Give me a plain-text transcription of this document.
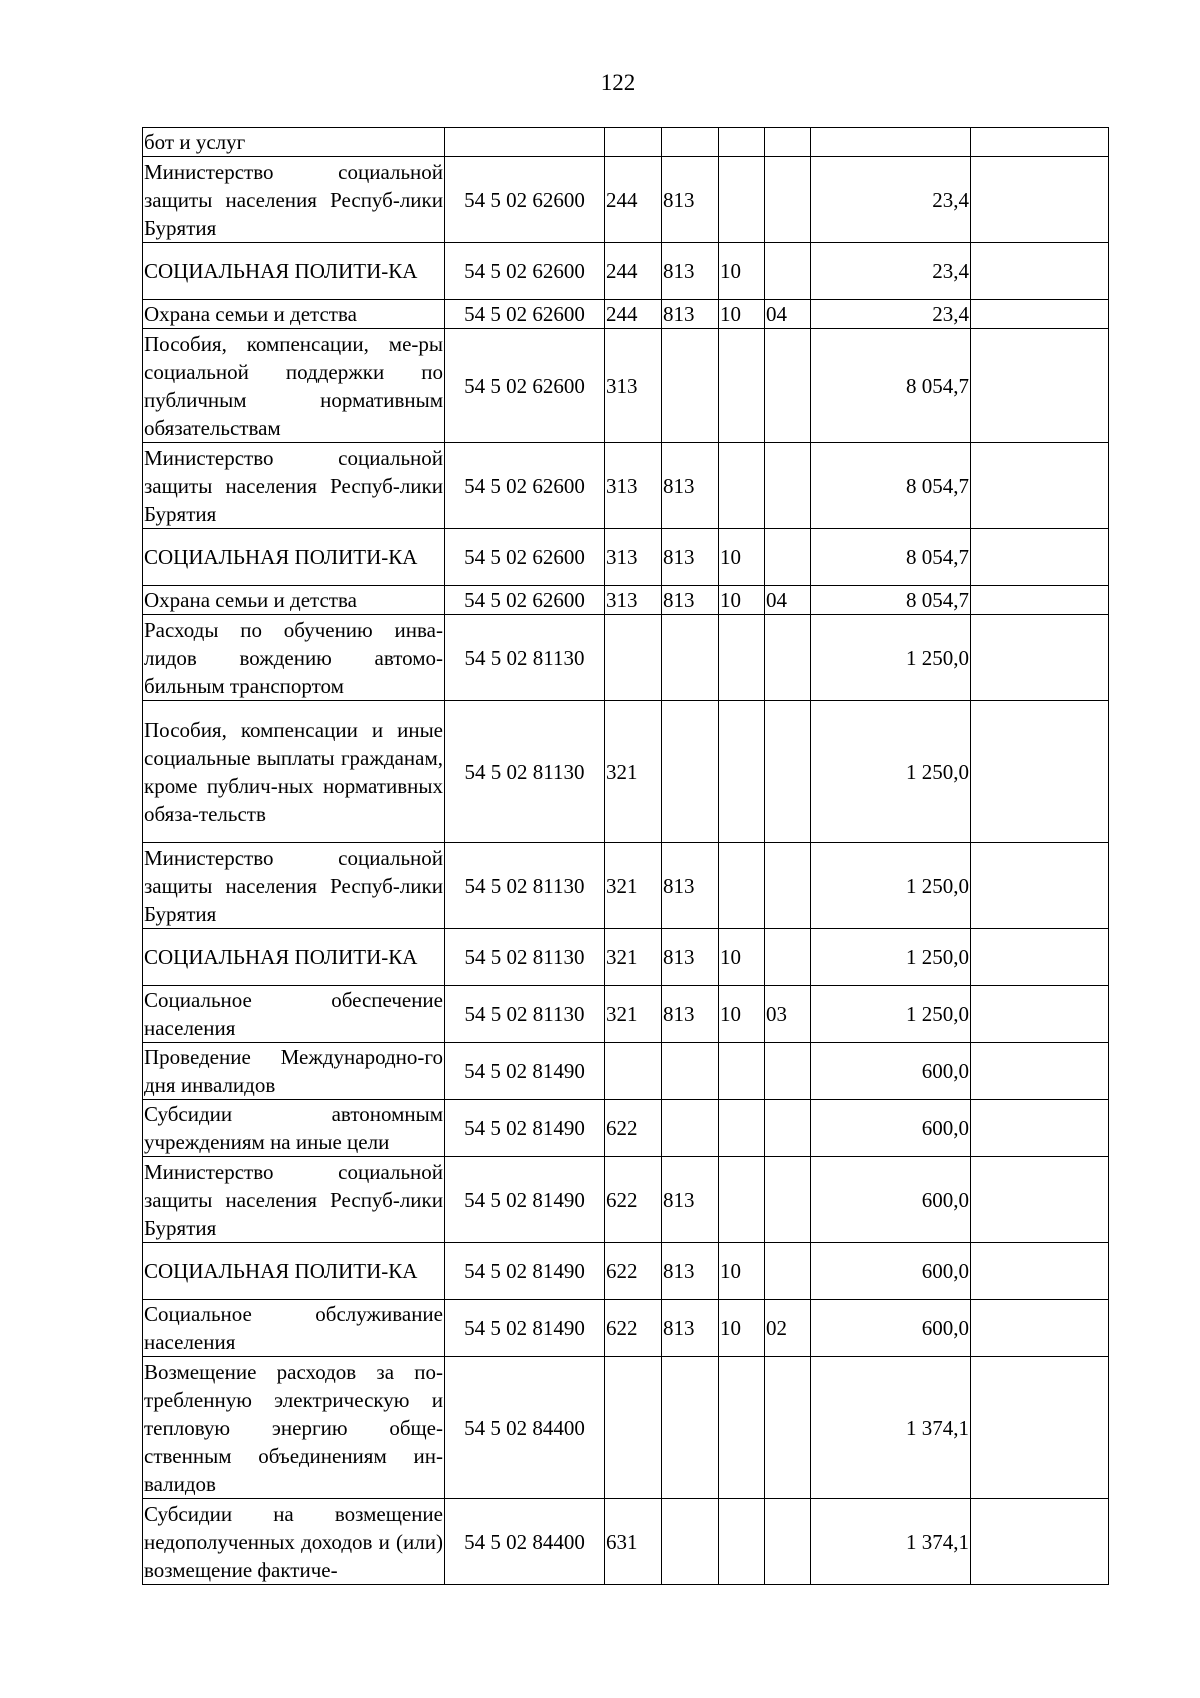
122
бот и услуг							
Министерство социальной защиты населения Респуб-лики Бурятия	54 5 02 62600	244	813			23,4	
СОЦИАЛЬНАЯ ПОЛИТИ-КА	54 5 02 62600	244	813	10		23,4	
Охрана семьи и детства	54 5 02 62600	244	813	10	04	23,4	
Пособия, компенсации, ме-ры социальной поддержки по публичным нормативным обязательствам	54 5 02 62600	313				8 054,7	
Министерство социальной защиты населения Респуб-лики Бурятия	54 5 02 62600	313	813			8 054,7	
СОЦИАЛЬНАЯ ПОЛИТИ-КА	54 5 02 62600	313	813	10		8 054,7	
Охрана семьи и детства	54 5 02 62600	313	813	10	04	8 054,7	
Расходы по обучению инва-лидов вождению автомо-бильным транспортом	54 5 02 81130					1 250,0	
Пособия, компенсации и иные социальные выплаты гражданам, кроме публич-ных нормативных обяза-тельств	54 5 02 81130	321				1 250,0	
Министерство социальной защиты населения Респуб-лики Бурятия	54 5 02 81130	321	813			1 250,0	
СОЦИАЛЬНАЯ ПОЛИТИ-КА	54 5 02 81130	321	813	10		1 250,0	
Социальное обеспечение населения	54 5 02 81130	321	813	10	03	1 250,0	
Проведение Международно-го дня инвалидов	54 5 02 81490					600,0	
Субсидии автономным учреждениям на иные цели	54 5 02 81490	622				600,0	
Министерство социальной защиты населения Респуб-лики Бурятия	54 5 02 81490	622	813			600,0	
СОЦИАЛЬНАЯ ПОЛИТИ-КА	54 5 02 81490	622	813	10		600,0	
Социальное обслуживание населения	54 5 02 81490	622	813	10	02	600,0	
Возмещение расходов за по-требленную электрическую и тепловую энергию обще-ственным объединениям ин-валидов	54 5 02 84400					1 374,1	
Субсидии на возмещение недополученных доходов и (или) возмещение фактиче-	54 5 02 84400	631				1 374,1	
